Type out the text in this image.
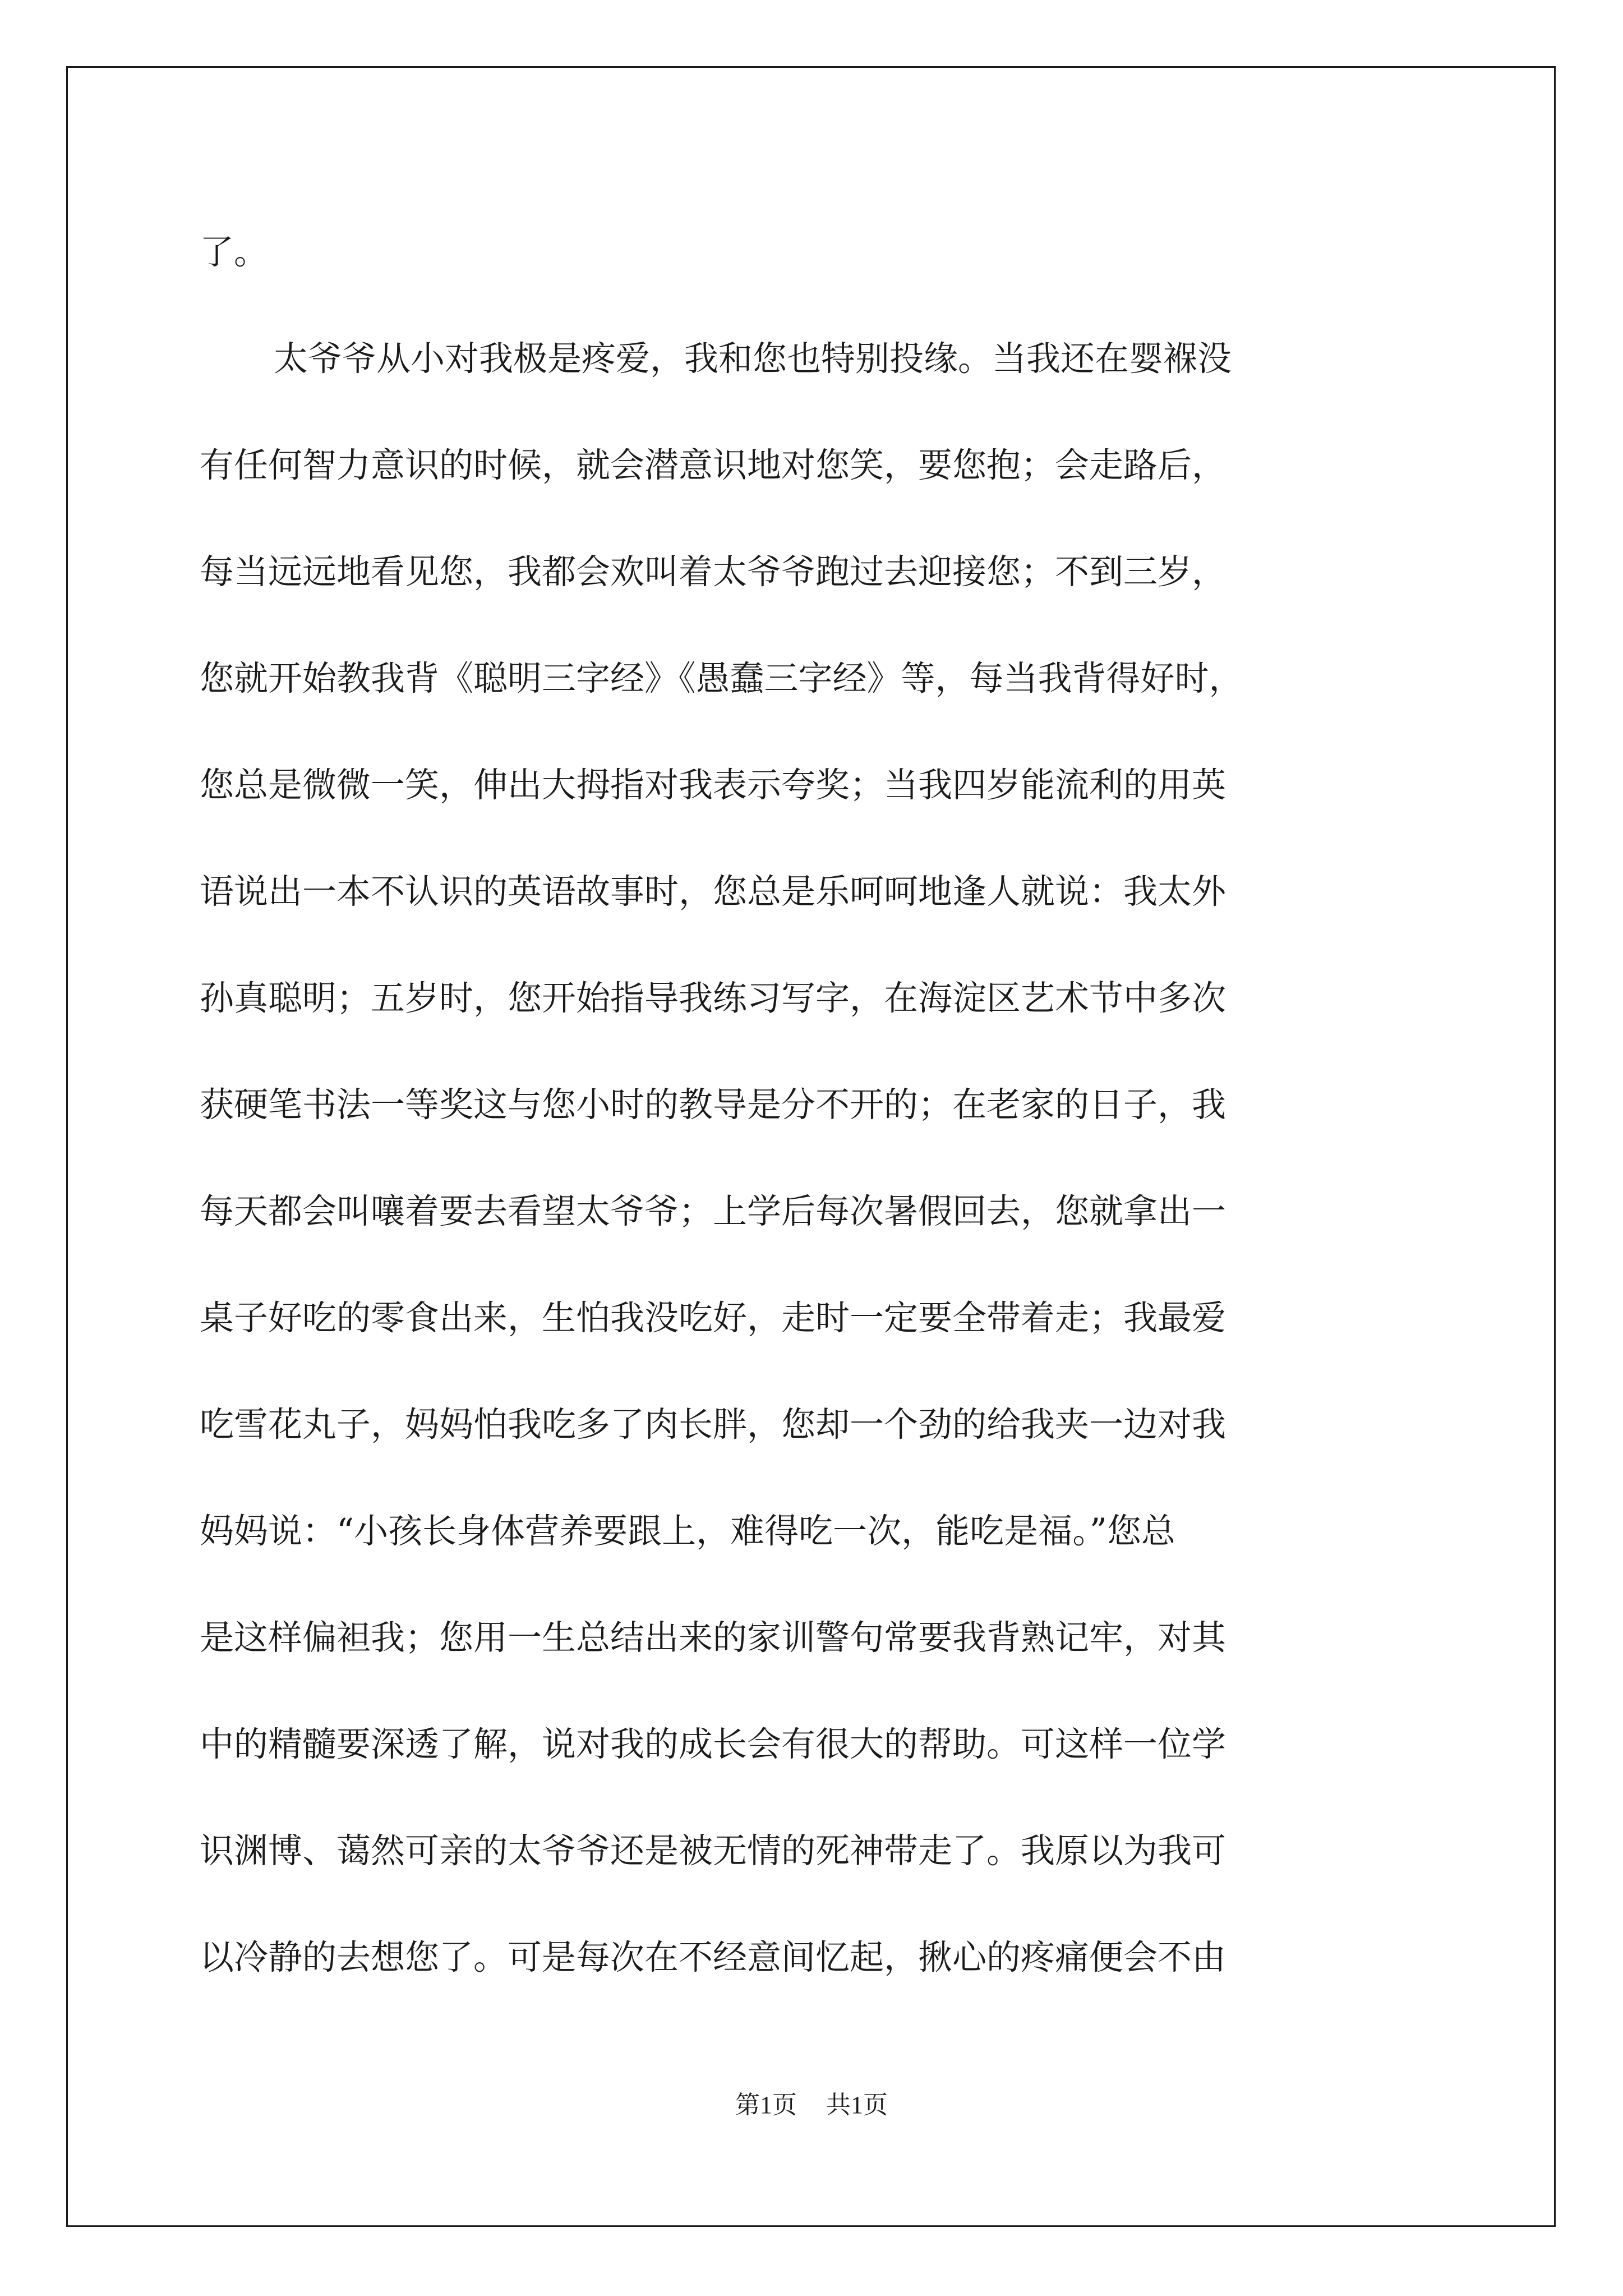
了。
太爷爷从小对我极是疼爱，我和您也特别投缘。当我还在婴褓没
有任何智力意识的时候，就会潜意识地对您笑，要您抱；会走路后，
每当远远地看见您，我都会欢叫着太爷爷跑过去迎接您；不到三岁，
您就开始教我背《聪明三字经》《愚蠢三字经》等，每当我背得好时，
您总是微微一笑，伸出大拇指对我表示夸奖；当我四岁能流利的用英
语说出一本不认识的英语故事时，您总是乐呵呵地逢人就说：我太外
孙真聪明；五岁时，您开始指导我练习写字，在海淀区艺术节中多次
获硬笔书法一等奖这与您小时的教导是分不开的；在老家的日子，我
每天都会叫嚷着要去看望太爷爷；上学后每次暑假回去，您就拿出一
桌子好吃的零食出来，生怕我没吃好，走时一定要全带着走；我最爱
吃雪花丸子，妈妈怕我吃多了肉长胖，您却一个劲的给我夹一边对我
妈妈说：“小孩长身体营养要跟上，难得吃一次，能吃是福。”您总
是这样偏袒我；您用一生总结出来的家训警句常要我背熟记牢，对其
中的精髓要深透了解，说对我的成长会有很大的帮助。可这样一位学
识渊博、蔼然可亲的太爷爷还是被无情的死神带走了。我原以为我可
以冷静的去想您了。可是每次在不经意间忆起，揪心的疼痛便会不由
第1页 共1页
